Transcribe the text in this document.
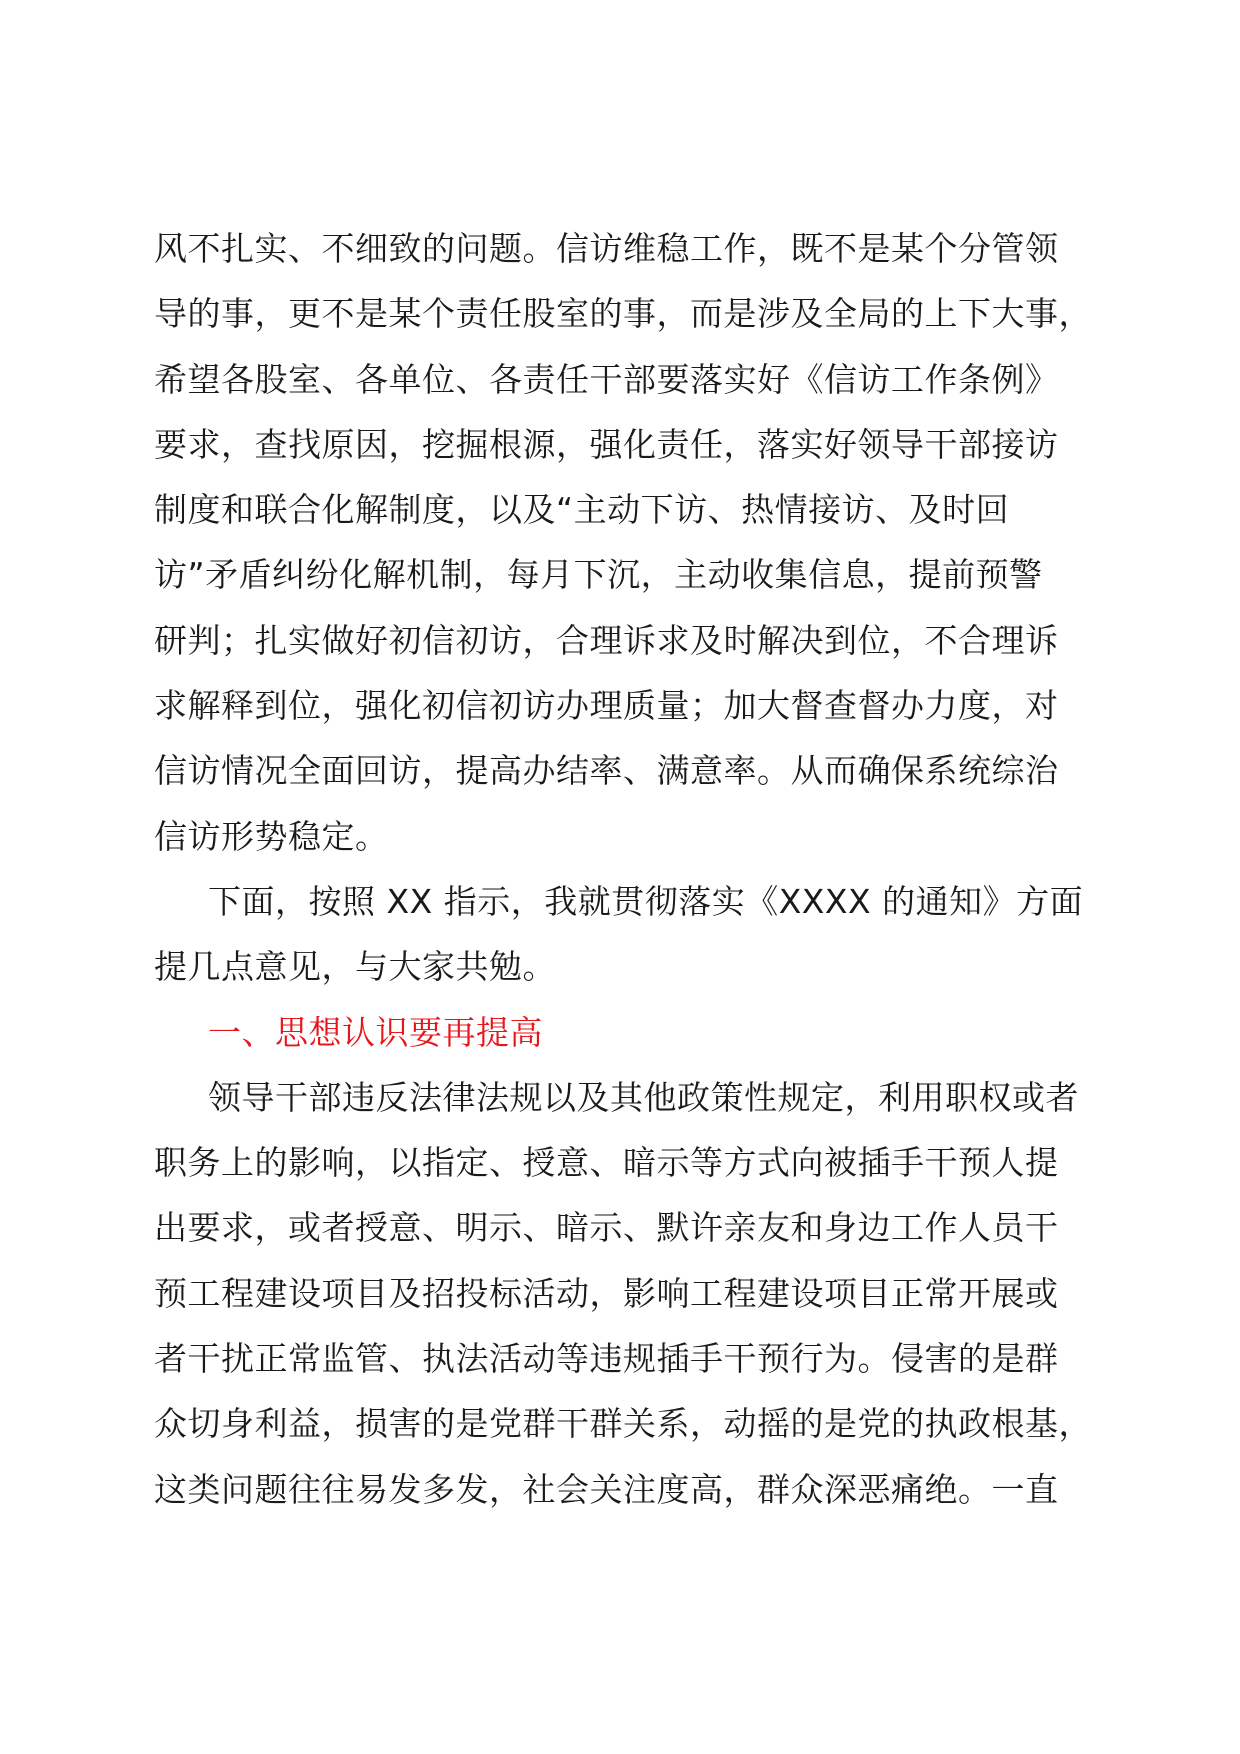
风不扎实、不细致的问题。信访维稳工作，既不是某个分管领
导的事，更不是某个责任股室的事，而是涉及全局的上下大事，
希望各股室、各单位、各责任干部要落实好《信访工作条例》
要求，查找原因，挖掘根源，强化责任，落实好领导干部接访
制度和联合化解制度，以及“主动下访、热情接访、及时回
访”矛盾纠纷化解机制，每月下沉，主动收集信息，提前预警
研判；扎实做好初信初访，合理诉求及时解决到位，不合理诉
求解释到位，强化初信初访办理质量；加大督查督办力度，对
信访情况全面回访，提高办结率、满意率。从而确保系统综治
信访形势稳定。
下面，按照 XX 指示，我就贯彻落实《XXXX 的通知》方面
提几点意见，与大家共勉。
一、思想认识要再提高
领导干部违反法律法规以及其他政策性规定，利用职权或者
职务上的影响，以指定、授意、暗示等方式向被插手干预人提
出要求，或者授意、明示、暗示、默许亲友和身边工作人员干
预工程建设项目及招投标活动，影响工程建设项目正常开展或
者干扰正常监管、执法活动等违规插手干预行为。侵害的是群
众切身利益，损害的是党群干群关系，动摇的是党的执政根基，
这类问题往往易发多发，社会关注度高，群众深恶痛绝。一直
